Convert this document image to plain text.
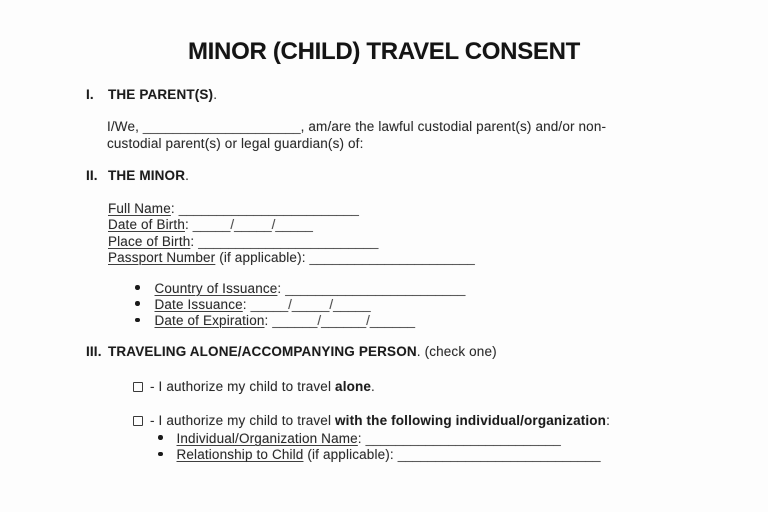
MINOR (CHILD) TRAVEL CONSENT
I.	THE PARENT(S).

I/We, _____________________, am/are the lawful custodial parent(s) and/or non-custodial parent(s) or legal guardian(s) of:

II. THE MINOR.
Full Name: ________________________
Date of Birth: _____/_____/_____
Place of Birth: ________________________
Passport Number (if applicable): ______________________
Country of Issuance: ________________________
Date Issuance: _____/_____/_____
Date of Expiration: ______/______/______
III. TRAVELING ALONE/ACCOMPANYING PERSON. (check one)
- I authorize my child to travel alone.
- I authorize my child to travel with the following individual/organization:
Individual/Organization Name: __________________________
Relationship to Child (if applicable): ___________________________
